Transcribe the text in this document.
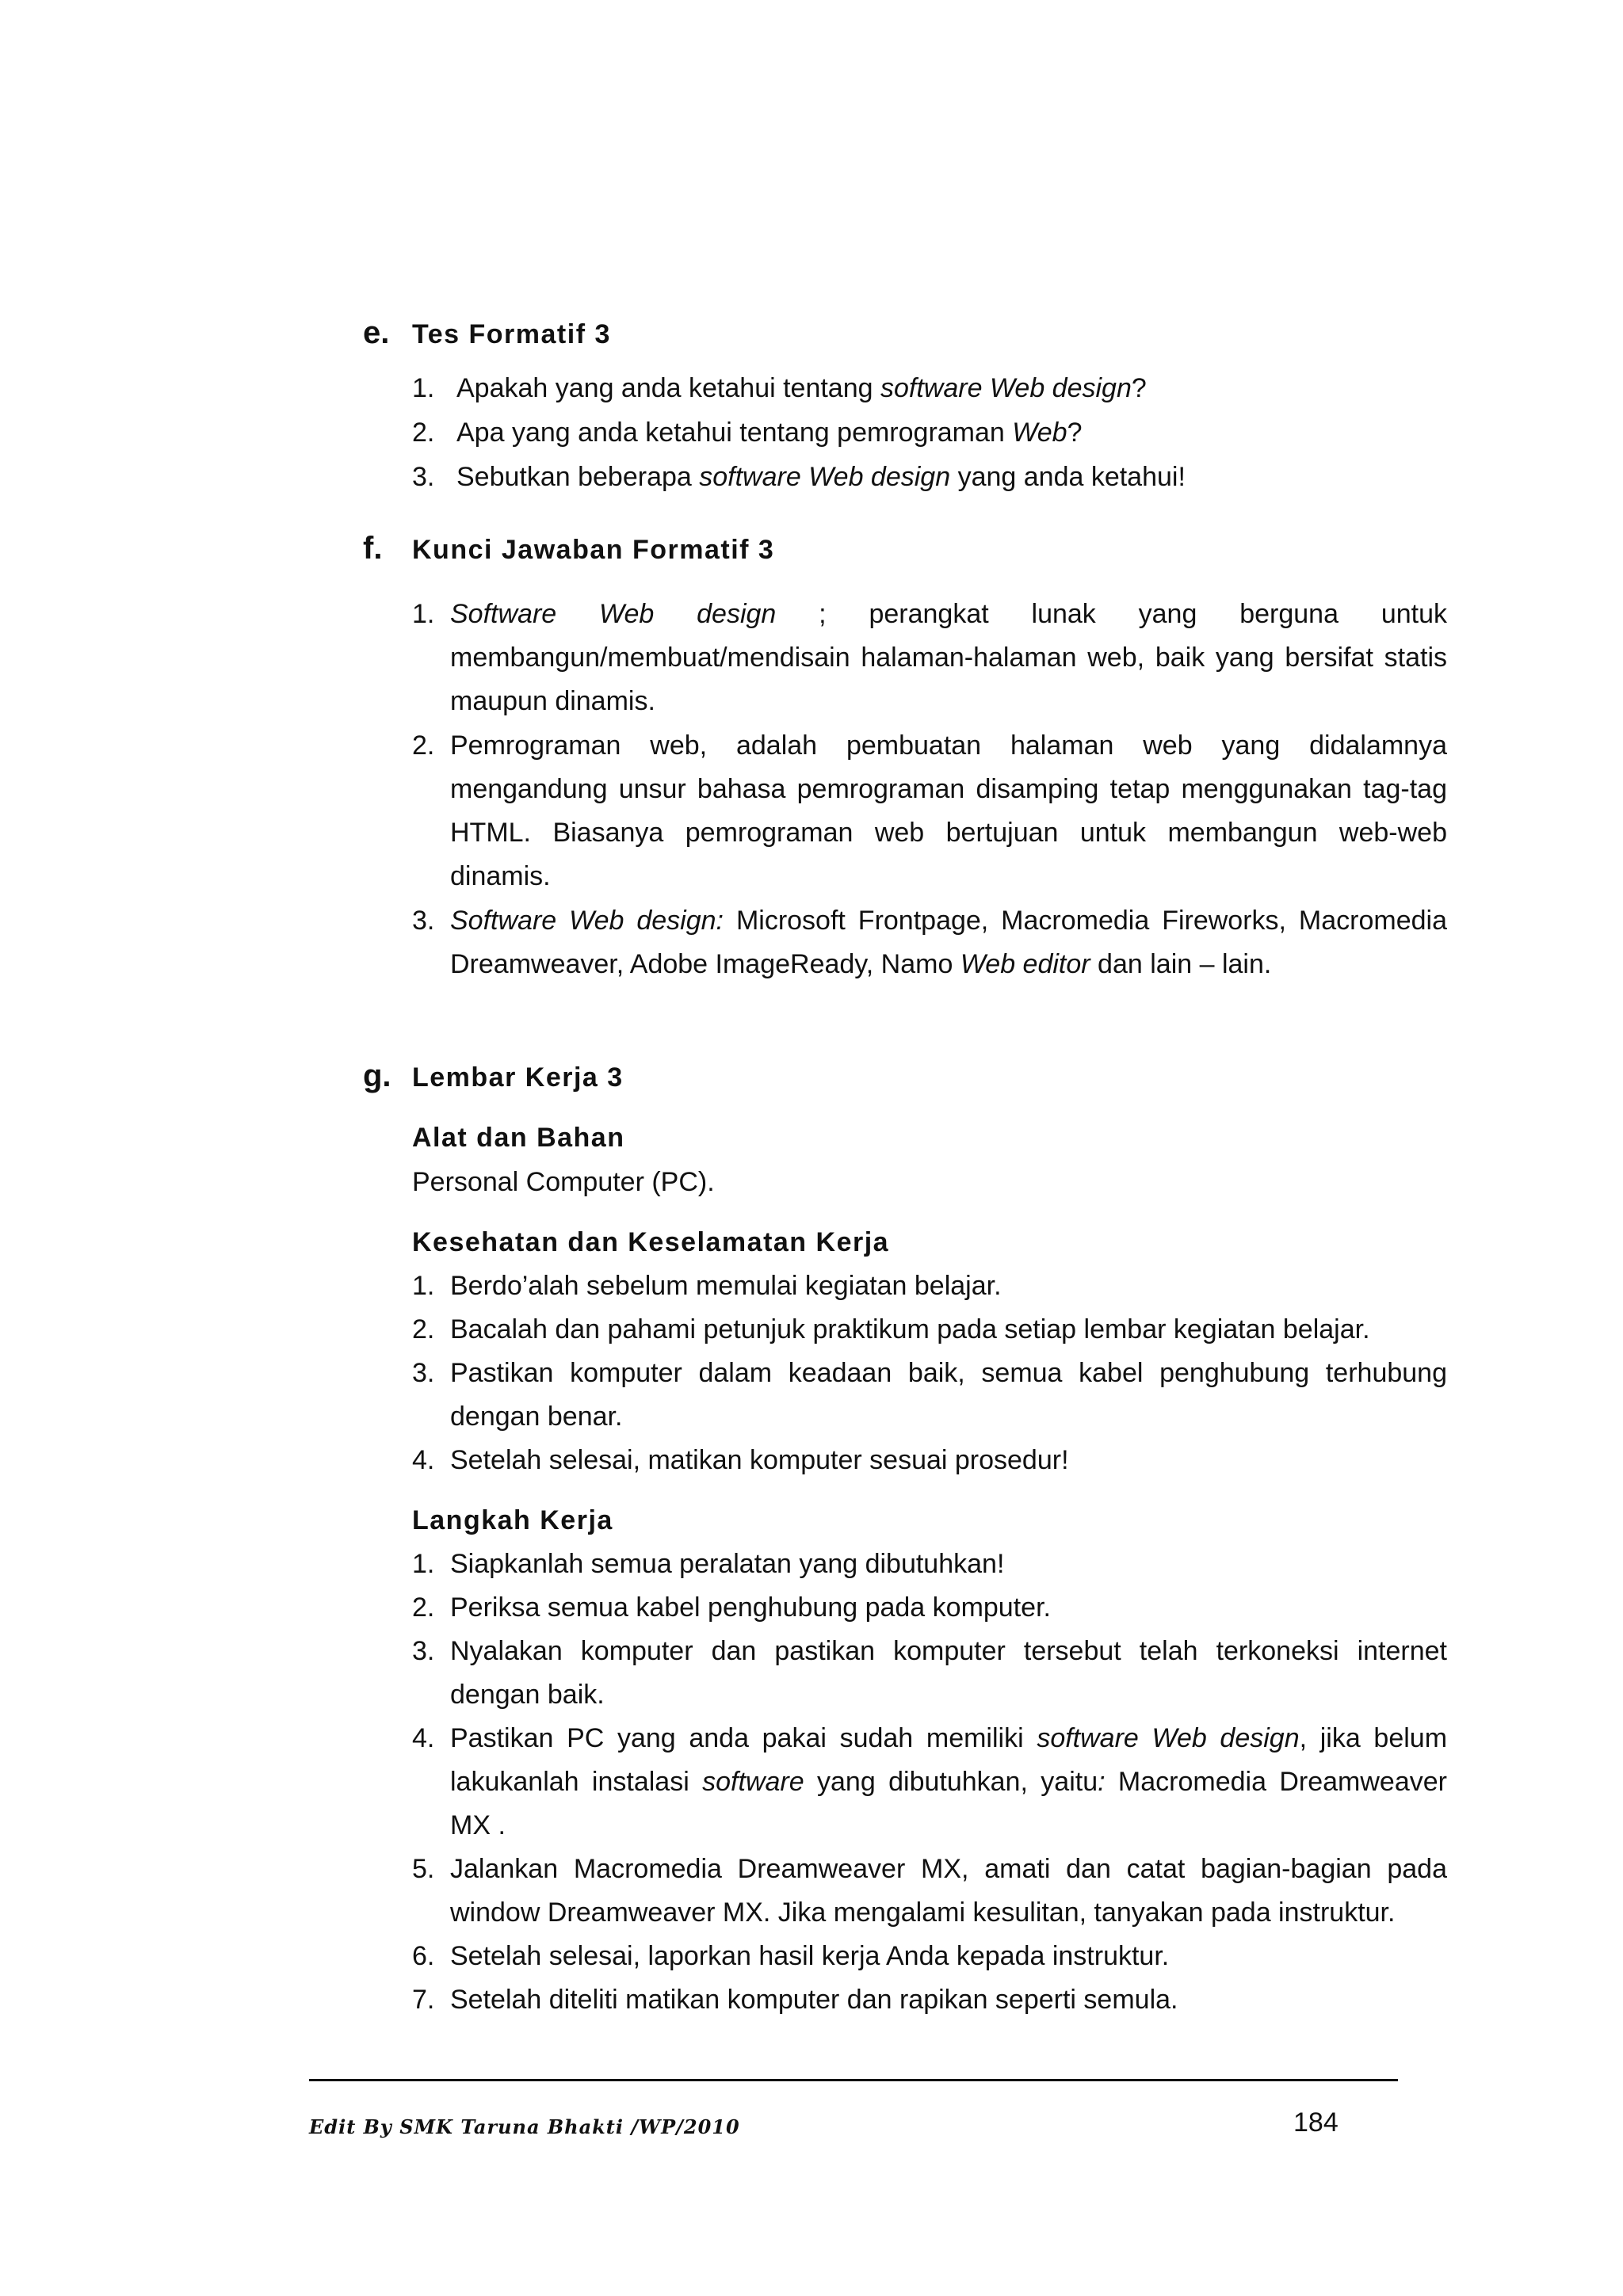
e. Tes Formatif 3
1. Apakah yang anda ketahui tentang software Web design?
2. Apa yang anda ketahui tentang pemrograman Web?
3. Sebutkan beberapa software Web design yang anda ketahui!
f.	Kunci Jawaban Formatif 3
1. Software Web design ; perangkat lunak yang berguna untuk membangun/membuat/mendisain halaman-halaman web, baik yang bersifat statis maupun dinamis.
2. Pemrograman web, adalah pembuatan halaman web yang didalamnya mengandung unsur bahasa pemrograman disamping tetap menggunakan tag-tag HTML. Biasanya pemrograman web bertujuan untuk membangun web-web dinamis.
3. Software Web design: Microsoft Frontpage, Macromedia Fireworks, Macromedia Dreamweaver, Adobe ImageReady, Namo Web editor dan lain – lain.
g. Lembar Kerja 3
Alat dan Bahan
Personal Computer (PC).
Kesehatan dan Keselamatan Kerja
1. Berdo’alah sebelum memulai kegiatan belajar.
2. Bacalah dan pahami petunjuk praktikum pada setiap lembar kegiatan belajar.
3. Pastikan komputer dalam keadaan baik, semua kabel penghubung terhubung dengan benar.
4. Setelah selesai, matikan komputer sesuai prosedur!
Langkah Kerja
1. Siapkanlah semua peralatan yang dibutuhkan!
2. Periksa semua kabel penghubung pada komputer.
3. Nyalakan komputer dan pastikan komputer tersebut telah terkoneksi internet dengan baik.
4. Pastikan PC yang anda pakai sudah memiliki software Web design, jika belum lakukanlah instalasi software yang dibutuhkan, yaitu: Macromedia Dreamweaver MX .
5. Jalankan Macromedia Dreamweaver MX, amati dan catat bagian-bagian pada window Dreamweaver MX. Jika mengalami kesulitan, tanyakan pada instruktur.
6. Setelah selesai, laporkan hasil kerja Anda kepada instruktur.
7. Setelah diteliti matikan komputer dan rapikan seperti semula.
Edit By SMK Taruna Bhakti /WP/2010	184
